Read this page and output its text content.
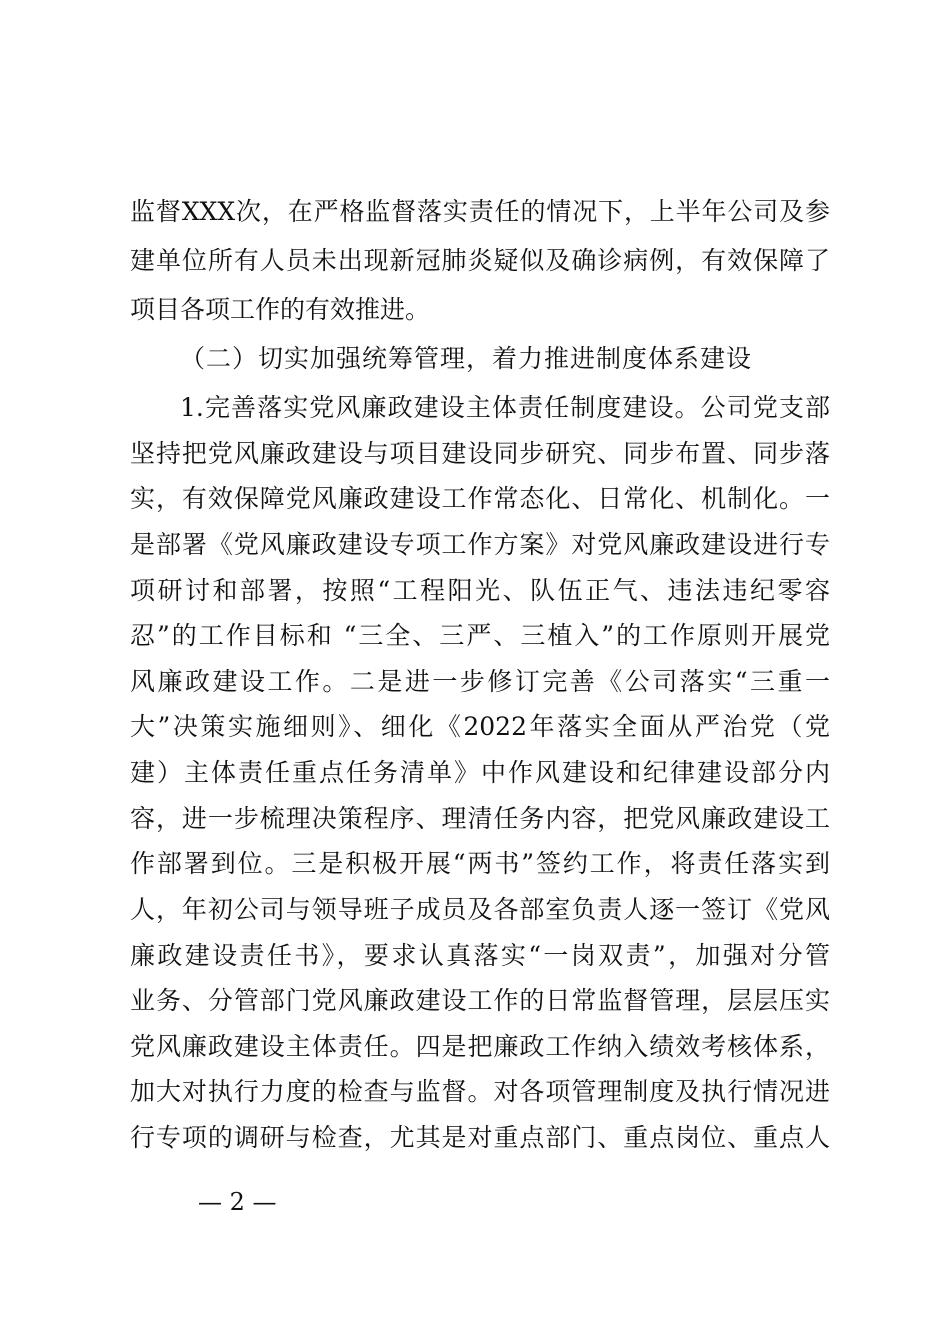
监督XXX次，在严格监督落实责任的情况下，上半年公司及参
建单位所有人员未出现新冠肺炎疑似及确诊病例，有效保障了
项目各项工作的有效推进。
（二）切实加强统筹管理，着力推进制度体系建设
1.完善落实党风廉政建设主体责任制度建设。公司党支部
坚持把党风廉政建设与项目建设同步研究、同步布置、同步落
实，有效保障党风廉政建设工作常态化、日常化、机制化。一
是部署《党风廉政建设专项工作方案》对党风廉政建设进行专
项研讨和部署，按照“工程阳光、队伍正气、违法违纪零容
忍”的工作目标和 “三全、三严、三植入”的工作原则开展党
风廉政建设工作。二是进一步修订完善《公司落实“三重一
大”决策实施细则》、细化《2022年落实全面从严治党（党
建）主体责任重点任务清单》中作风建设和纪律建设部分内
容，进一步梳理决策程序、理清任务内容，把党风廉政建设工
作部署到位。三是积极开展“两书”签约工作，将责任落实到
人，年初公司与领导班子成员及各部室负责人逐一签订《党风
廉政建设责任书》，要求认真落实“一岗双责”，加强对分管
业务、分管部门党风廉政建设工作的日常监督管理，层层压实
党风廉政建设主体责任。四是把廉政工作纳入绩效考核体系，
加大对执行力度的检查与监督。对各项管理制度及执行情况进
— 2 —
行专项的调研与检查，尤其是对重点部门、重点岗位、重点人
